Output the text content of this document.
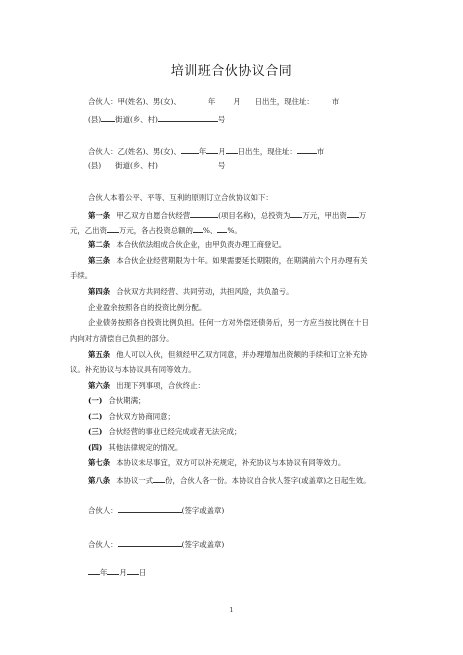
培训班合伙协议合同
合伙人：甲(姓名)、男(女)、	年 月 日出生，现住址： 市
(县) 街道(乡、村)	号
合伙人：乙(姓名)、男(女)、 年 月 日出生，现住址：	市
(县) 街道(乡、村)	号
合伙人本着公平、平等、互利的原则订立合伙协议如下：
第一条 甲乙双方自愿合伙经营	(项目名称)，总投资为 万元，甲出资 万
元，乙出资 万元，各占投资总额的 %、 %。
第二条 本合伙依法组成合伙企业，由甲负责办理工商登记。
第三条 本合伙企业经营期限为十年。如果需要延长期限的，在期满前六个月办理有关
手续。
第四条 合伙双方共同经营、共同劳动，共担风险，共负盈亏。
企业盈余按照各自的投资比例分配。
企业债务按照各自投资比例负担。任何一方对外偿还债务后，另一方应当按比例在十日
内向对方清偿自己负担的部分。
第五条 他人可以入伙，但须经甲乙双方同意，并办理增加出资额的手续和订立补充协
议。补充协议与本协议具有同等效力。
第六条 出现下列事项，合伙终止：
(一) 合伙期满；
(二) 合伙双方协商同意；
(三) 合伙经营的事业已经完成或者无法完成；
(四) 其他法律规定的情况。
第七条 本协议未尽事宜，双方可以补充规定，补充协议与本协议有同等效力。
第八条 本协议一式 份，合伙人各一份。本协议自合伙人签字(或盖章)之日起生效。
合伙人：	(签字或盖章)
合伙人：	(签字或盖章)
年 月 日
1
